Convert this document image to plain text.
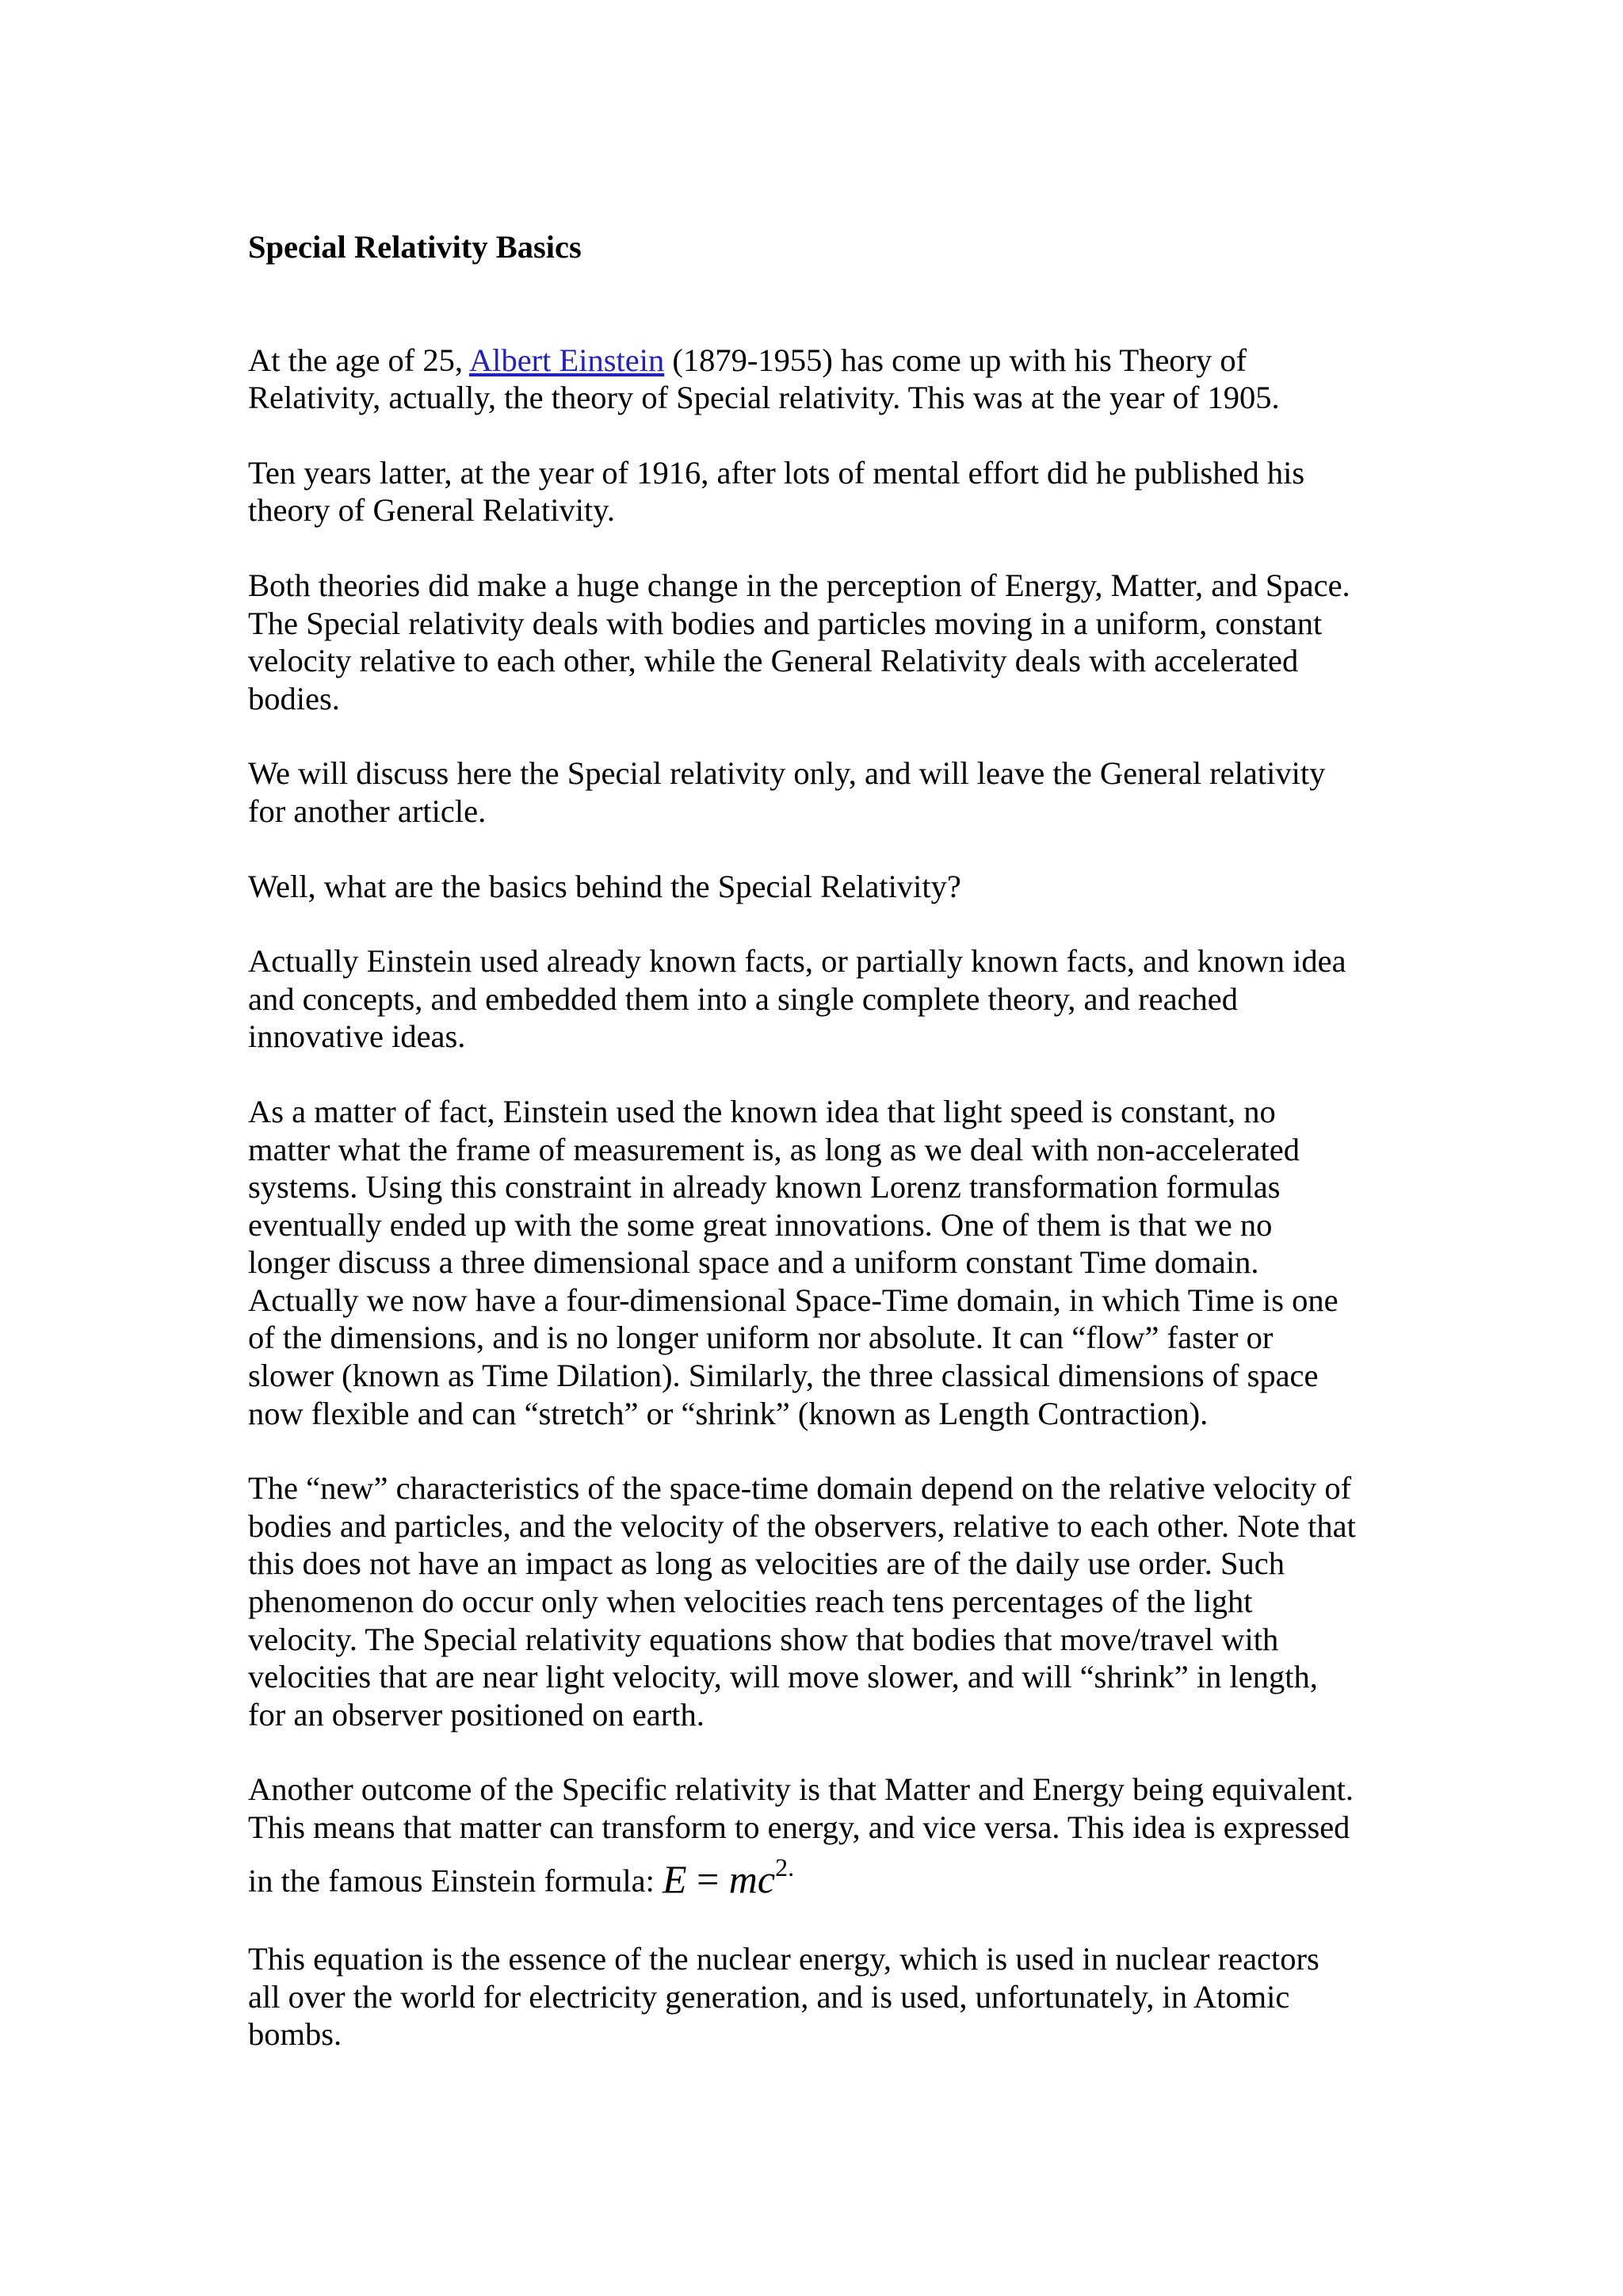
Special Relativity Basics

At the age of 25, Albert Einstein (1879-1955) has come up with his Theory of
Relativity, actually, the theory of Special relativity. This was at the year of 1905.

Ten years latter, at the year of 1916, after lots of mental effort did he published his
theory of General Relativity.

Both theories did make a huge change in the perception of Energy, Matter, and Space.
The Special relativity deals with bodies and particles moving in a uniform, constant
velocity relative to each other, while the General Relativity deals with accelerated
bodies.

We will discuss here the Special relativity only, and will leave the General relativity
for another article.

Well, what are the basics behind the Special Relativity?

Actually Einstein used already known facts, or partially known facts, and known idea
and concepts, and embedded them into a single complete theory, and reached
innovative ideas.

As a matter of fact, Einstein used the known idea that light speed is constant, no
matter what the frame of measurement is, as long as we deal with non-accelerated
systems. Using this constraint in already known Lorenz transformation formulas
eventually ended up with the some great innovations. One of them is that we no
longer discuss a three dimensional space and a uniform constant Time domain.
Actually we now have a four-dimensional Space-Time domain, in which Time is one
of the dimensions, and is no longer uniform nor absolute. It can “flow” faster or
slower (known as Time Dilation). Similarly, the three classical dimensions of space
now flexible and can “stretch” or “shrink” (known as Length Contraction).

The “new” characteristics of the space-time domain depend on the relative velocity of
bodies and particles, and the velocity of the observers, relative to each other. Note that
this does not have an impact as long as velocities are of the daily use order. Such
phenomenon do occur only when velocities reach tens percentages of the light
velocity. The Special relativity equations show that bodies that move/travel with
velocities that are near light velocity, will move slower, and will “shrink” in length,
for an observer positioned on earth.

Another outcome of the Specific relativity is that Matter and Energy being equivalent.
This means that matter can transform to energy, and vice versa. This idea is expressed
in the famous Einstein formula: $E = mc^{2.}$

This equation is the essence of the nuclear energy, which is used in nuclear reactors
all over the world for electricity generation, and is used, unfortunately, in Atomic
bombs.
